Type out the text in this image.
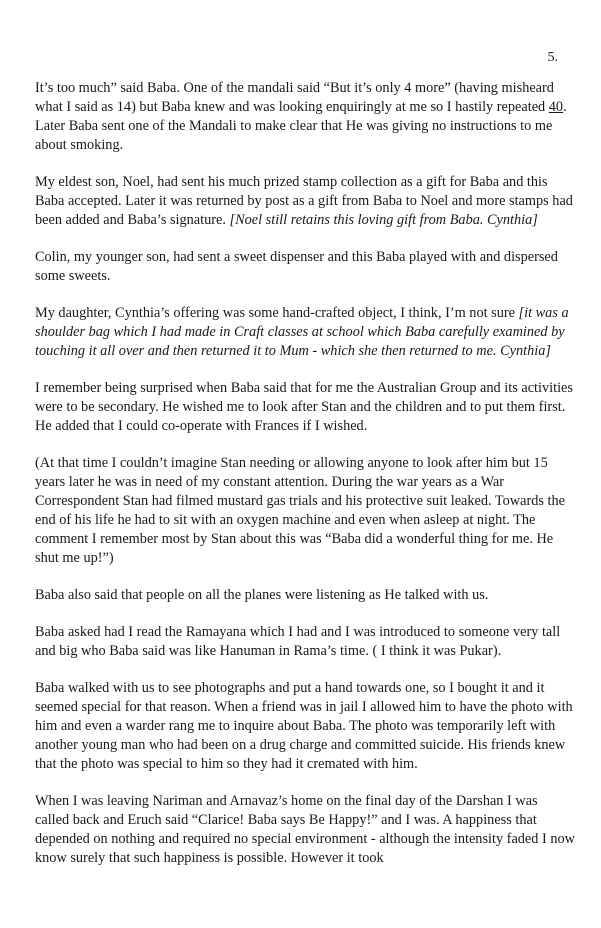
5.

It’s too much” said Baba. One of the mandali said “But it’s only 4 more” (having misheard what I said as 14) but Baba knew and was looking enquiringly at me so I hastily repeated 40. Later Baba sent one of the Mandali to make clear that He was giving no instructions to me about smoking.

My eldest son, Noel, had sent his much prized stamp collection as a gift for Baba and this Baba accepted. Later it was returned by post as a gift from Baba to Noel and more stamps had been added and Baba’s signature. [Noel still retains this loving gift from Baba. Cynthia]

Colin, my younger son, had sent a sweet dispenser and this Baba played with and dispersed some sweets.

My daughter, Cynthia’s offering was some hand-crafted object, I think, I’m not sure [it was a shoulder bag which I had made in Craft classes at school which Baba carefully examined by touching it all over and then returned it to Mum - which she then returned to me. Cynthia]

I remember being surprised when Baba said that for me the Australian Group and its activities were to be secondary. He wished me to look after Stan and the children and to put them first. He added that I could co-operate with Frances if I wished.

(At that time I couldn’t imagine Stan needing or allowing anyone to look after him but 15 years later he was in need of my constant attention. During the war years as a War Correspondent Stan had filmed mustard gas trials and his protective suit leaked. Towards the end of his life he had to sit with an oxygen machine and even when asleep at night. The comment I remember most by Stan about this was “Baba did a wonderful thing for me. He shut me up!”)

Baba also said that people on all the planes were listening as He talked with us.

Baba asked had I read the Ramayana which I had and I was introduced to someone very tall and big who Baba said was like Hanuman in Rama’s time. ( I think it was Pukar).

Baba walked with us to see photographs and put a hand towards one, so I bought it and it seemed special for that reason. When a friend was in jail I allowed him to have the photo with him and even a warder rang me to inquire about Baba. The photo was temporarily left with another young man who had been on a drug charge and committed suicide. His friends knew that the photo was special to him so they had it cremated with him.

When I was leaving Nariman and Arnavaz’s home on the final day of the Darshan I was called back and Eruch said “Clarice! Baba says Be Happy!” and I was. A happiness that depended on nothing and required no special environment - although the intensity faded I now know surely that such happiness is possible. However it took
